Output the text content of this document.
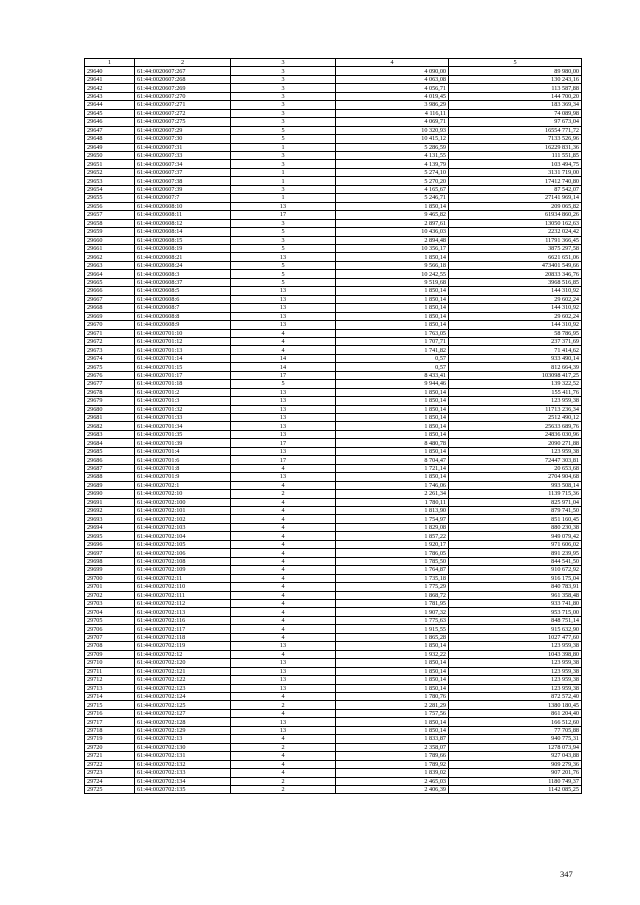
1	2	3	4	5
29640	61:44:0020607:267	3	4 090,00	89 980,00
29641	61:44:0020607:268	3	4 063,08	130 243,16
29642	61:44:0020607:269	3	4 056,71	113 587,88
29643	61:44:0020607:270	3	4 019,45	144 700,20
29644	61:44:0020607:271	3	3 986,29	183 369,34
29645	61:44:0020607:272	3	4 116,11	74 089,98
29646	61:44:0020607:275	3	4 069,71	97 673,04
29647	61:44:0020607:29	5	10 320,93	16554 771,72
29648	61:44:0020607:30	5	10 415,12	7133 526,96
29649	61:44:0020607:31	1	5 286,59	16229 831,36
29650	61:44:0020607:33	3	4 131,55	111 551,85
29651	61:44:0020607:34	3	4 139,79	103 494,75
29652	61:44:0020607:37	1	5 274,10	3131 719,00
29653	61:44:0020607:38	1	5 270,20	17412 740,80
29654	61:44:0020607:39	3	4 165,67	87 542,07
29655	61:44:0020607:7	1	5 246,71	27141 969,14
29656	61:44:0020608:10	13	1 850,14	209 065,82
29657	61:44:0020608:11	17	9 465,82	61934 860,26
29658	61:44:0020608:12	3	2 897,61	13050 162,63
29659	61:44:0020608:14	5	10 436,03	2232 024,42
29660	61:44:0020608:15	3	2 894,48	11791 366,45
29661	61:44:0020608:19	5	10 356,17	3875 297,58
29662	61:44:0020608:21	13	1 850,14	6621 651,06
29663	61:44:0020608:24	5	9 566,18	473401 549,66
29664	61:44:0020608:3	5	10 242,55	20833 346,76
29665	61:44:0020608:37	5	9 519,68	3968 516,85
29666	61:44:0020608:5	13	1 850,14	144 310,92
29667	61:44:0020608:6	13	1 850,14	29 602,24
29668	61:44:0020608:7	13	1 850,14	144 310,92
29669	61:44:0020608:8	13	1 850,14	29 602,24
29670	61:44:0020608:9	13	1 850,14	144 310,92
29671	61:44:0020701:10	4	1 763,05	58 786,95
29672	61:44:0020701:12	4	1 707,71	237 371,69
29673	61:44:0020701:13	4	1 741,82	71 414,62
29674	61:44:0020701:14	14	0,57	933 490,14
29675	61:44:0020701:15	14	0,57	812 664,39
29676	61:44:0020701:17	17	8 433,41	103098 417,25
29677	61:44:0020701:18	5	9 944,46	139 322,52
29678	61:44:0020701:2	13	1 850,14	155 411,76
29679	61:44:0020701:3	13	1 850,14	123 959,38
29680	61:44:0020701:32	13	1 850,14	11713 236,34
29681	61:44:0020701:33	13	1 850,14	2512 490,12
29682	61:44:0020701:34	13	1 850,14	25633 689,76
29683	61:44:0020701:35	13	1 850,14	24836 030,96
29684	61:44:0020701:39	17	8 480,78	2090 271,88
29685	61:44:0020701:4	13	1 850,14	123 959,38
29686	61:44:0020701:6	17	8 704,47	72447 303,81
29687	61:44:0020701:8	4	1 721,14	20 653,68
29688	61:44:0020701:9	13	1 850,14	2704 904,68
29689	61:44:0020702:1	4	1 746,06	993 508,14
29690	61:44:0020702:10	2	2 261,34	1139 715,36
29691	61:44:0020702:100	4	1 780,11	825 971,04
29692	61:44:0020702:101	4	1 813,90	879 741,50
29693	61:44:0020702:102	4	1 754,97	851 160,45
29694	61:44:0020702:103	4	1 829,08	880 230,38
29695	61:44:0020702:104	4	1 857,22	949 079,42
29696	61:44:0020702:105	4	1 920,17	971 606,02
29697	61:44:0020702:106	4	1 786,05	891 239,95
29698	61:44:0020702:108	4	1 785,50	844 541,50
29699	61:44:0020702:109	4	1 764,87	910 672,92
29700	61:44:0020702:11	4	1 735,18	916 175,04
29701	61:44:0020702:110	4	1 775,29	840 783,91
29702	61:44:0020702:111	4	1 868,72	961 358,48
29703	61:44:0020702:112	4	1 781,95	933 741,80
29704	61:44:0020702:113	4	1 907,32	953 715,00
29705	61:44:0020702:116	4	1 775,63	848 751,14
29706	61:44:0020702:117	4	1 915,55	915 632,90
29707	61:44:0020702:118	4	1 865,28	1027 477,60
29708	61:44:0020702:119	13	1 850,14	123 959,38
29709	61:44:0020702:12	4	1 932,22	1043 398,80
29710	61:44:0020702:120	13	1 850,14	123 959,38
29711	61:44:0020702:121	13	1 850,14	123 959,38
29712	61:44:0020702:122	13	1 850,14	123 959,38
29713	61:44:0020702:123	13	1 850,14	123 959,38
29714	61:44:0020702:124	4	1 780,76	872 572,40
29715	61:44:0020702:125	2	2 281,29	1380 180,45
29716	61:44:0020702:127	4	1 757,56	861 204,40
29717	61:44:0020702:128	13	1 850,14	166 512,60
29718	61:44:0020702:129	13	1 850,14	77 705,88
29719	61:44:0020702:13	4	1 833,87	940 775,31
29720	61:44:0020702:130	2	2 358,07	1278 073,94
29721	61:44:0020702:131	4	1 789,66	927 043,88
29722	61:44:0020702:132	4	1 789,92	909 279,36
29723	61:44:0020702:133	4	1 839,02	907 201,76
29724	61:44:0020702:134	2	2 465,03	1180 749,37
29725	61:44:0020702:135	2	2 406,39	1142 085,25
347
